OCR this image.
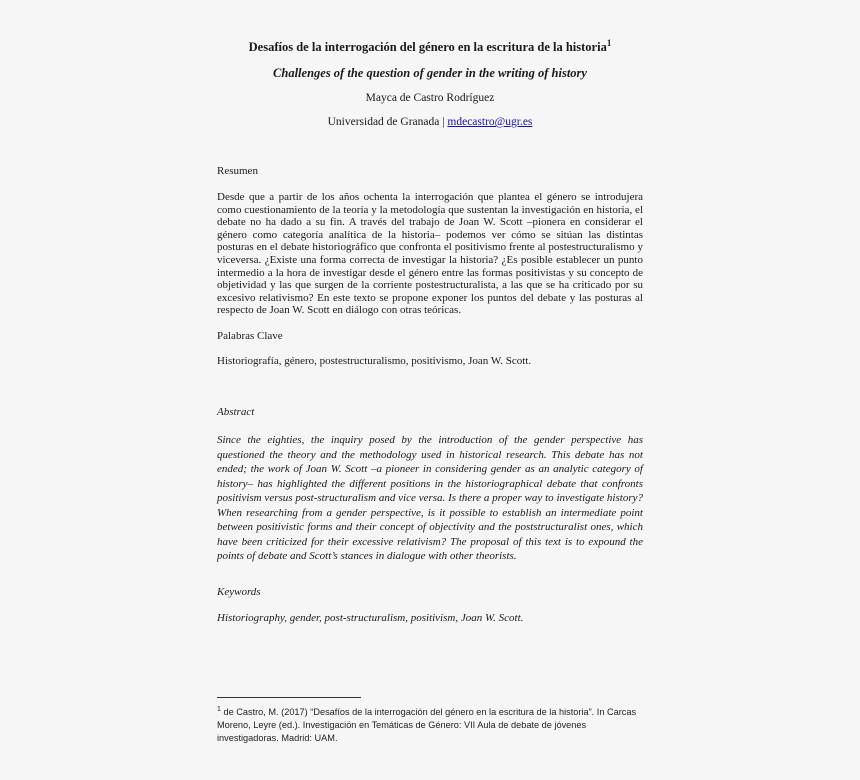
Desafíos de la interrogación del género en la escritura de la historia$^1$
Challenges of the question of gender in the writing of history
Mayca de Castro Rodríguez
Universidad de Granada | mdecastro@ugr.es
Resumen
Desde que a partir de los años ochenta la interrogación que plantea el género se introdujera como cuestionamiento de la teoría y la metodología que sustentan la investigación en historia, el debate no ha dado a su fin. A través del trabajo de Joan W. Scott –pionera en considerar el género como categoría analítica de la historia– podemos ver cómo se sitúan las distintas posturas en el debate historiográfico que confronta el positivismo frente al postestructuralismo y viceversa. ¿Existe una forma correcta de investigar la historia? ¿Es posible establecer un punto intermedio a la hora de investigar desde el género entre las formas positivistas y su concepto de objetividad y las que surgen de la corriente postestructuralista, a las que se ha criticado por su excesivo relativismo? En este texto se propone exponer los puntos del debate y las posturas al respecto de Joan W. Scott en diálogo con otras teóricas.
Palabras Clave
Historiografía, género, postestructuralismo, positivismo, Joan W. Scott.
Abstract
Since the eighties, the inquiry posed by the introduction of the gender perspective has questioned the theory and the methodology used in historical research. This debate has not ended; the work of Joan W. Scott –a pioneer in considering gender as an analytic category of history– has highlighted the different positions in the historiographical debate that confronts positivism versus post-structuralism and vice versa. Is there a proper way to investigate history? When researching from a gender perspective, is it possible to establish an intermediate point between positivistic forms and their concept of objectivity and the poststructuralist ones, which have been criticized for their excessive relativism? The proposal of this text is to expound the points of debate and Scott’s stances in dialogue with other theorists.
Keywords
Historiography, gender, post-structuralism, positivism, Joan W. Scott.
$^1$ de Castro, M. (2017) “Desafíos de la interrogación del género en la escritura de la historia”. In Carcas Moreno, Leyre (ed.). Investigación en Temáticas de Género: VII Aula de debate de jóvenes investigadoras. Madrid: UAM.
